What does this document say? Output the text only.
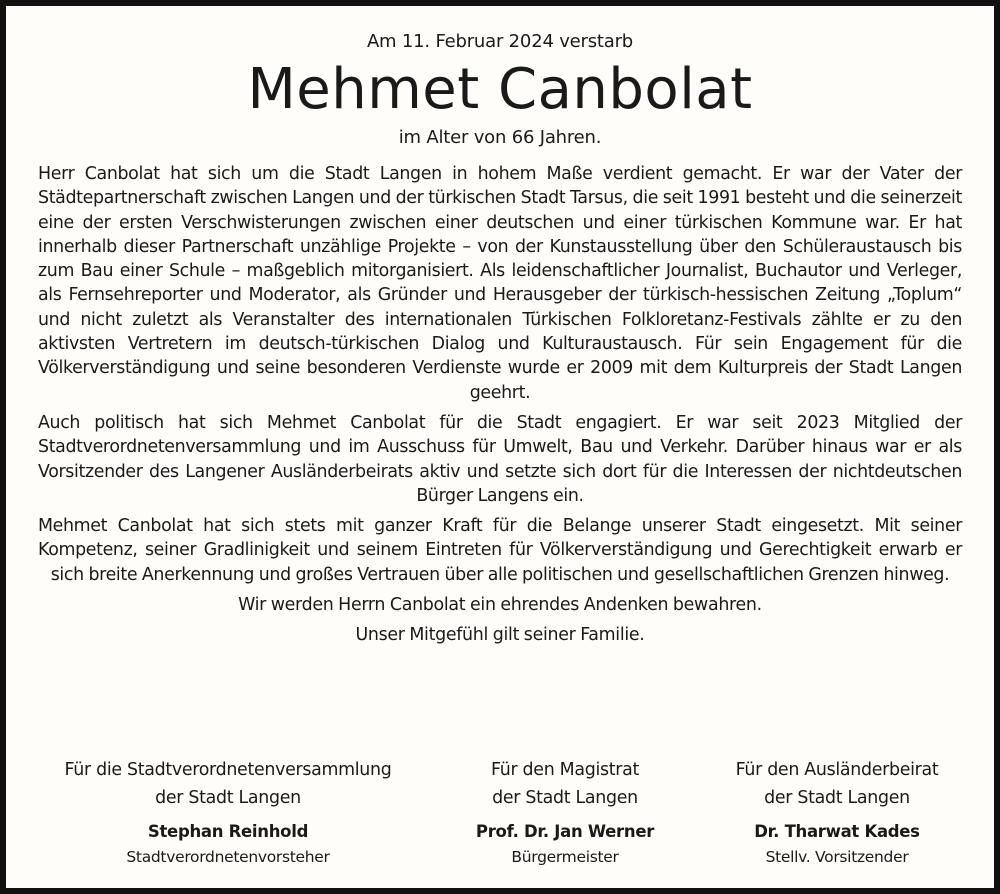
Am 11. Februar 2024 verstarb
Mehmet Canbolat
im Alter von 66 Jahren.

Herr Canbolat hat sich um die Stadt Langen in hohem Maße verdient gemacht. Er war der Vater der Städtepartnerschaft zwischen Langen und der türkischen Stadt Tarsus, die seit 1991 besteht und die seinerzeit eine der ersten Verschwisterungen zwischen einer deutschen und einer türkischen Kommune war. Er hat innerhalb dieser Partnerschaft unzählige Projekte – von der Kunstausstellung über den Schüleraustausch bis zum Bau einer Schule – maßgeblich mitorganisiert. Als leidenschaftlicher Journalist, Buchautor und Verleger, als Fernsehreporter und Moderator, als Gründer und Herausgeber der türkisch-hessischen Zeitung „Toplum“ und nicht zuletzt als Veranstalter des internationalen Türkischen Folkloretanz-Festivals zählte er zu den aktivsten Vertretern im deutsch-türkischen Dialog und Kulturaustausch. Für sein Engagement für die Völkerverständigung und seine besonderen Verdienste wurde er 2009 mit dem Kulturpreis der Stadt Langen geehrt.

Auch politisch hat sich Mehmet Canbolat für die Stadt engagiert. Er war seit 2023 Mitglied der Stadtverordnetenversammlung und im Ausschuss für Umwelt, Bau und Verkehr. Darüber hinaus war er als Vorsitzender des Langener Ausländerbeirats aktiv und setzte sich dort für die Interessen der nichtdeutschen Bürger Langens ein.

Mehmet Canbolat hat sich stets mit ganzer Kraft für die Belange unserer Stadt eingesetzt. Mit seiner Kompetenz, seiner Gradlinigkeit und seinem Eintreten für Völkerverständigung und Gerechtigkeit erwarb er sich breite Anerkennung und großes Vertrauen über alle politischen und gesellschaftlichen Grenzen hinweg.

Wir werden Herrn Canbolat ein ehrendes Andenken bewahren.

Unser Mitgefühl gilt seiner Familie.

Für die Stadtverordnetenversammlung
der Stadt Langen
Stephan Reinhold
Stadtverordnetenvorsteher
Für den Magistrat
der Stadt Langen
Prof. Dr. Jan Werner
Bürgermeister
Für den Ausländerbeirat
der Stadt Langen
Dr. Tharwat Kades
Stellv. Vorsitzender
